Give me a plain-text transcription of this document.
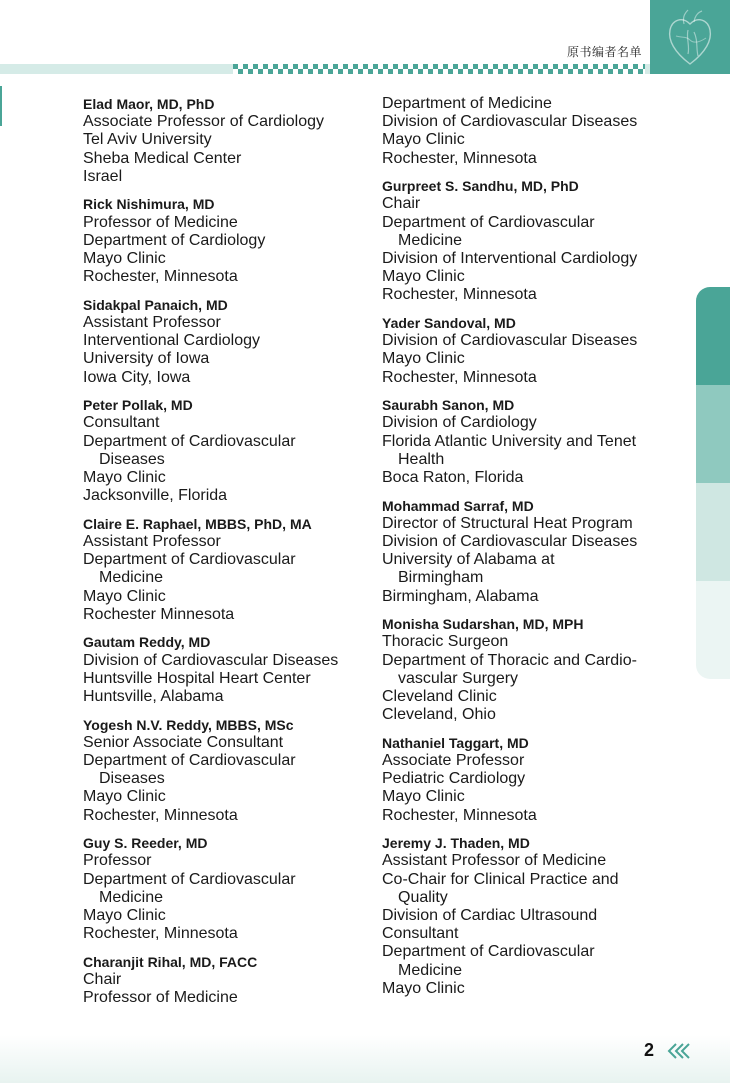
原书编者名单
Elad Maor, MD, PhD
Associate Professor of Cardiology
Tel Aviv University
Sheba Medical Center
Israel
Rick Nishimura, MD
Professor of Medicine
Department of Cardiology
Mayo Clinic
Rochester, Minnesota
Sidakpal Panaich, MD
Assistant Professor
Interventional Cardiology
University of Iowa
Iowa City, Iowa
Peter Pollak, MD
Consultant
Department of Cardiovascular
Diseases
Mayo Clinic
Jacksonville, Florida
Claire E. Raphael, MBBS, PhD, MA
Assistant Professor
Department of Cardiovascular
Medicine
Mayo Clinic
Rochester Minnesota
Gautam Reddy, MD
Division of Cardiovascular Diseases
Huntsville Hospital Heart Center
Huntsville, Alabama
Yogesh N.V. Reddy, MBBS, MSc
Senior Associate Consultant
Department of Cardiovascular
Diseases
Mayo Clinic
Rochester, Minnesota
Guy S. Reeder, MD
Professor
Department of Cardiovascular
Medicine
Mayo Clinic
Rochester, Minnesota
Charanjit Rihal, MD, FACC
Chair
Professor of Medicine
Department of Medicine
Division of Cardiovascular Diseases
Mayo Clinic
Rochester, Minnesota
Gurpreet S. Sandhu, MD, PhD
Chair
Department of Cardiovascular
Medicine
Division of Interventional Cardiology
Mayo Clinic
Rochester, Minnesota
Yader Sandoval, MD
Division of Cardiovascular Diseases
Mayo Clinic
Rochester, Minnesota
Saurabh Sanon, MD
Division of Cardiology
Florida Atlantic University and Tenet
Health
Boca Raton, Florida
Mohammad Sarraf, MD
Director of Structural Heat Program
Division of Cardiovascular Diseases
University of Alabama at
Birmingham
Birmingham, Alabama
Monisha Sudarshan, MD, MPH
Thoracic Surgeon
Department of Thoracic and Cardio-
vascular Surgery
Cleveland Clinic
Cleveland, Ohio
Nathaniel Taggart, MD
Associate Professor
Pediatric Cardiology
Mayo Clinic
Rochester, Minnesota
Jeremy J. Thaden, MD
Assistant Professor of Medicine
Co-Chair for Clinical Practice and
Quality
Division of Cardiac Ultrasound
Consultant
Department of Cardiovascular
Medicine
Mayo Clinic
2
